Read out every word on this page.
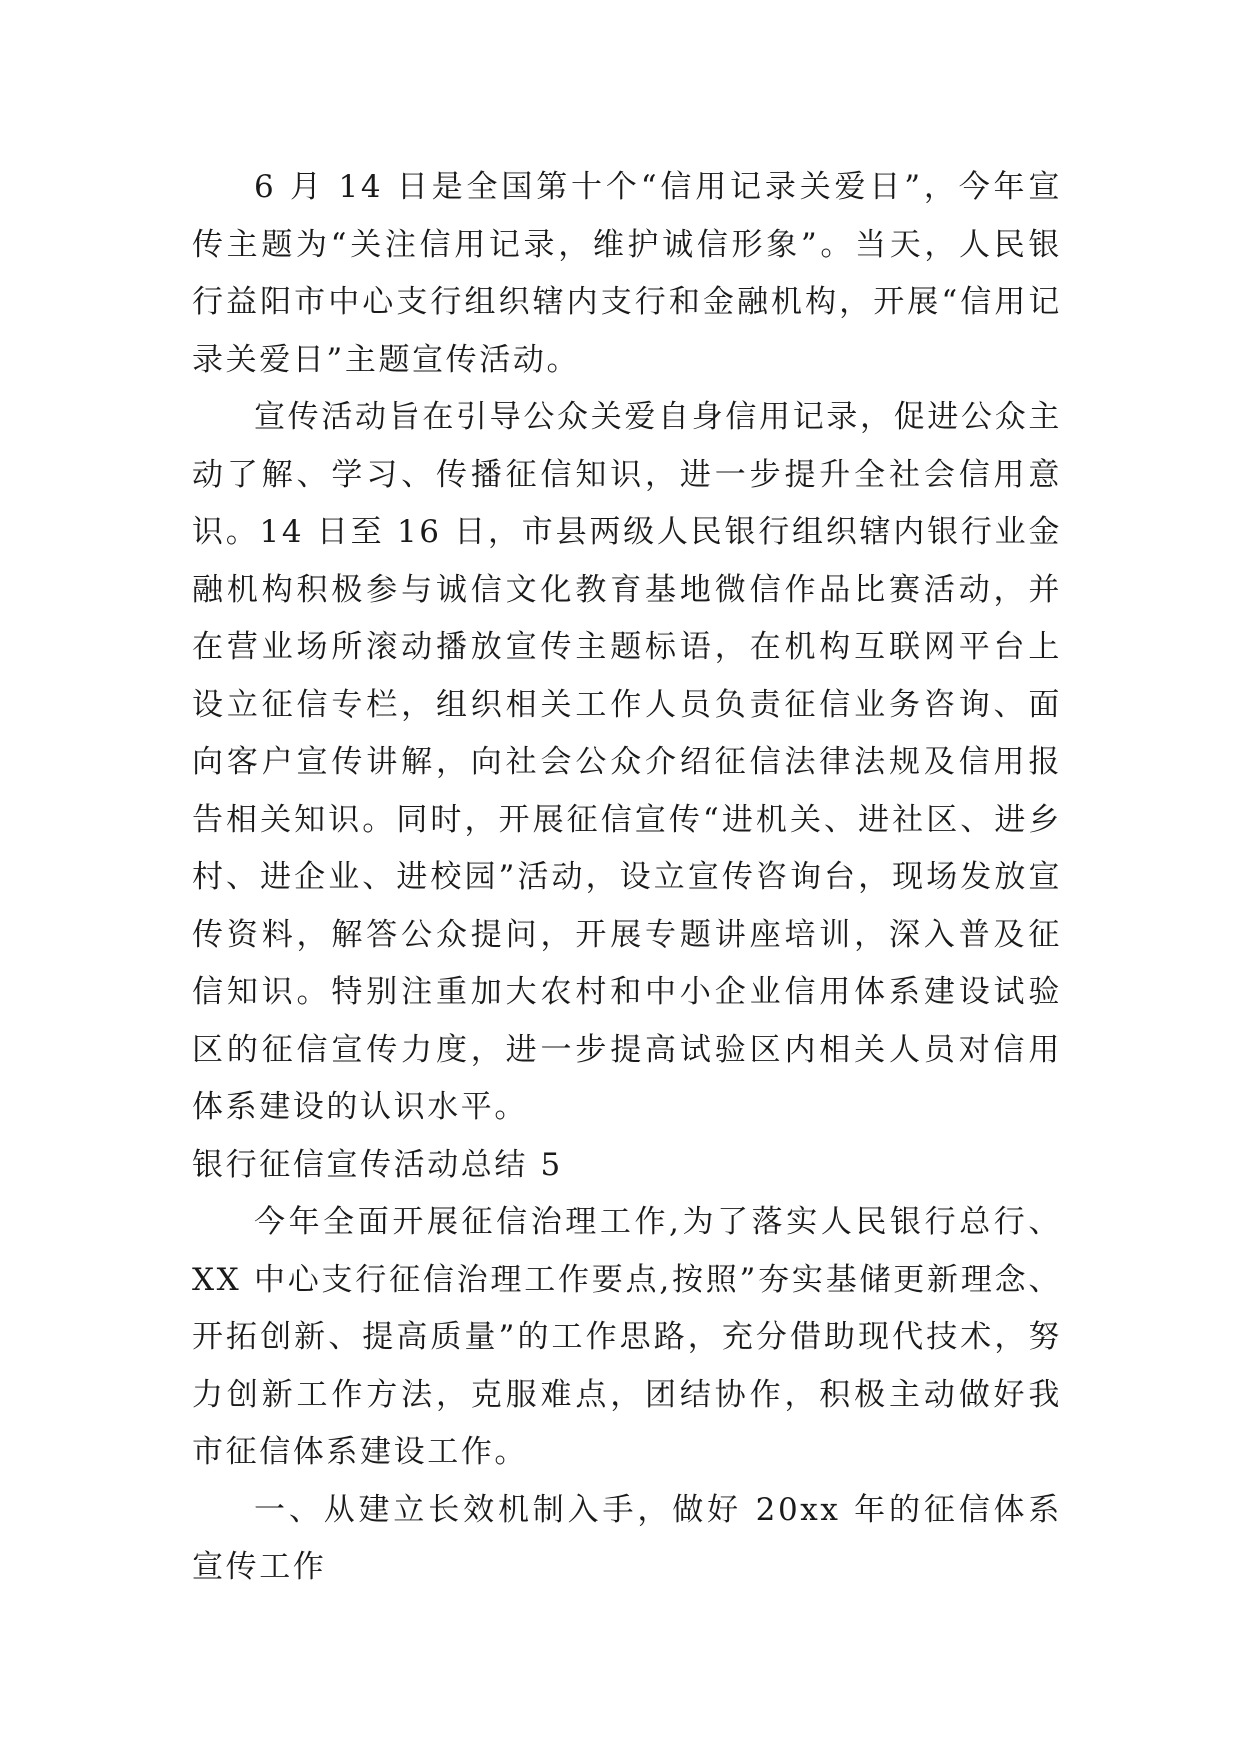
6 月 14 日是全国第十个“信用记录关爱日”，今年宣传主题为“关注信用记录，维护诚信形象”。当天，人民银行益阳市中心支行组织辖内支行和金融机构，开展“信用记录关爱日”主题宣传活动。

宣传活动旨在引导公众关爱自身信用记录，促进公众主动了解、学习、传播征信知识，进一步提升全社会信用意识。14 日至 16 日，市县两级人民银行组织辖内银行业金融机构积极参与诚信文化教育基地微信作品比赛活动，并在营业场所滚动播放宣传主题标语，在机构互联网平台上设立征信专栏，组织相关工作人员负责征信业务咨询、面向客户宣传讲解，向社会公众介绍征信法律法规及信用报告相关知识。同时，开展征信宣传“进机关、进社区、进乡村、进企业、进校园”活动，设立宣传咨询台，现场发放宣传资料，解答公众提问，开展专题讲座培训，深入普及征信知识。特别注重加大农村和中小企业信用体系建设试验区的征信宣传力度，进一步提高试验区内相关人员对信用体系建设的认识水平。

银行征信宣传活动总结 5

今年全面开展征信治理工作,为了落实人民银行总行、XX 中心支行征信治理工作要点,按照”夯实基储更新理念、开拓创新、提高质量”的工作思路，充分借助现代技术，努力创新工作方法，克服难点，团结协作，积极主动做好我市征信体系建设工作。

一、从建立长效机制入手，做好 20xx 年的征信体系宣传工作
